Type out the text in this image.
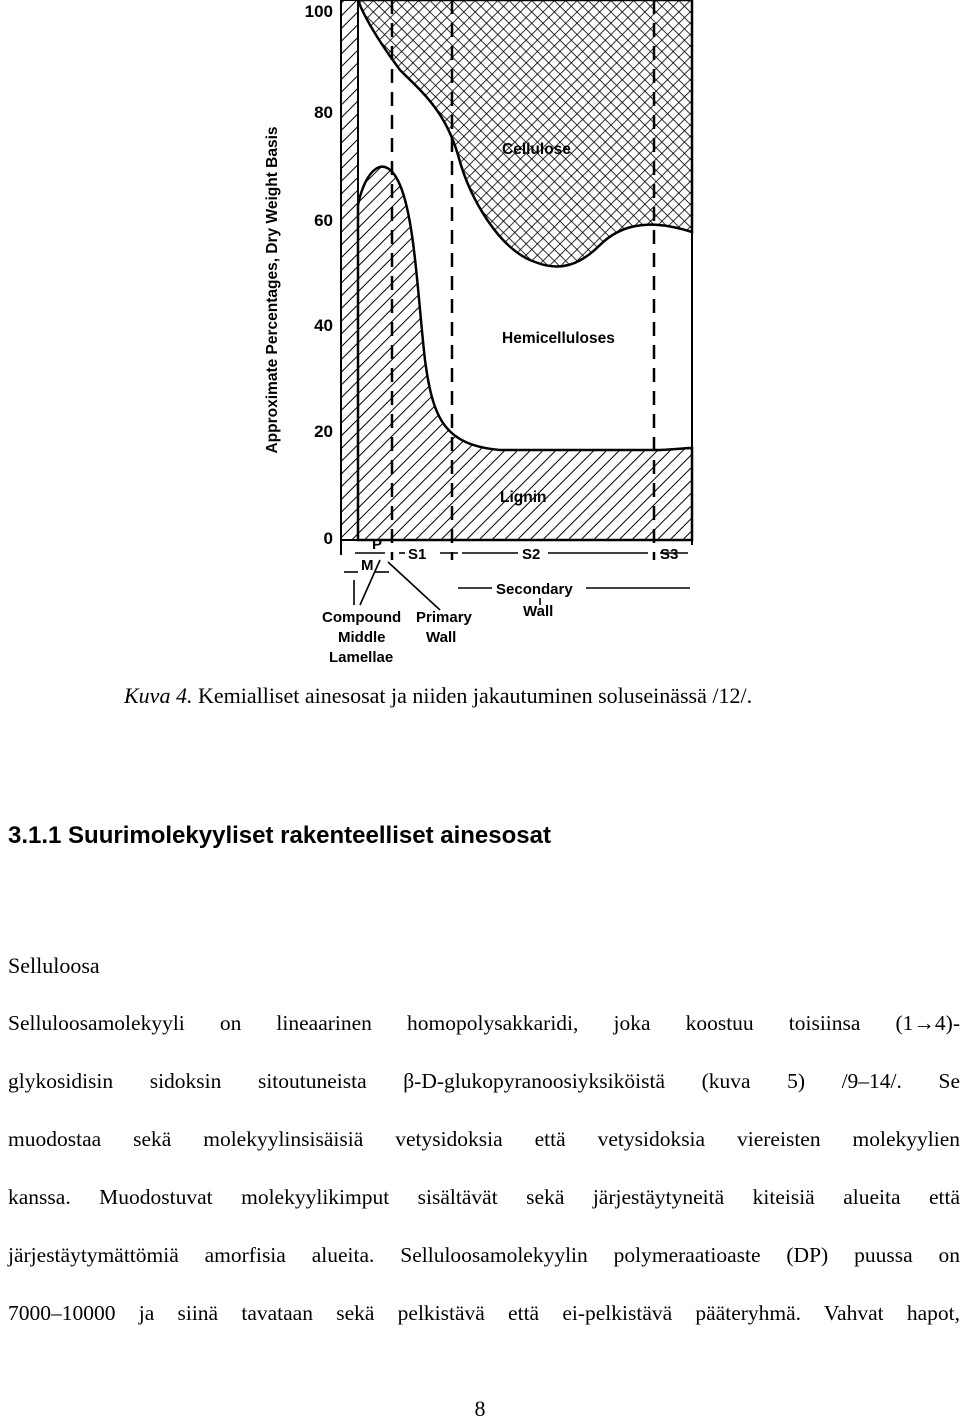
100
80
60
40
20
0
Approximate Percentages, Dry Weight Basis	Cellulose
Hemicelluloses
Lignin
P
S1	S2	S3
M
Secondary
Wall
Compound
Middle
Lamellae
Primary
Wall
Kuva 4. Kemialliset ainesosat ja niiden jakautuminen soluseinässä /12/.
3.1.1 Suurimolekyyliset rakenteelliset ainesosat
Selluloosa
Selluloosamolekyyli on lineaarinen homopolysakkaridi, joka koostuu toisiinsa (1→4)-
glykosidisin sidoksin sitoutuneista β-D-glukopyranoosiyksiköistä (kuva 5) /9–14/. Se
muodostaa sekä molekyylinsisäisiä vetysidoksia että vetysidoksia viereisten molekyylien
kanssa. Muodostuvat molekyylikimput sisältävät sekä järjestäytyneitä kiteisiä alueita että
järjestäytymättömiä amorfisia alueita. Selluloosamolekyylin polymeraatioaste (DP) puussa on
7000–10000 ja siinä tavataan sekä pelkistävä että ei-pelkistävä pääteryhmä. Vahvat hapot,
8
